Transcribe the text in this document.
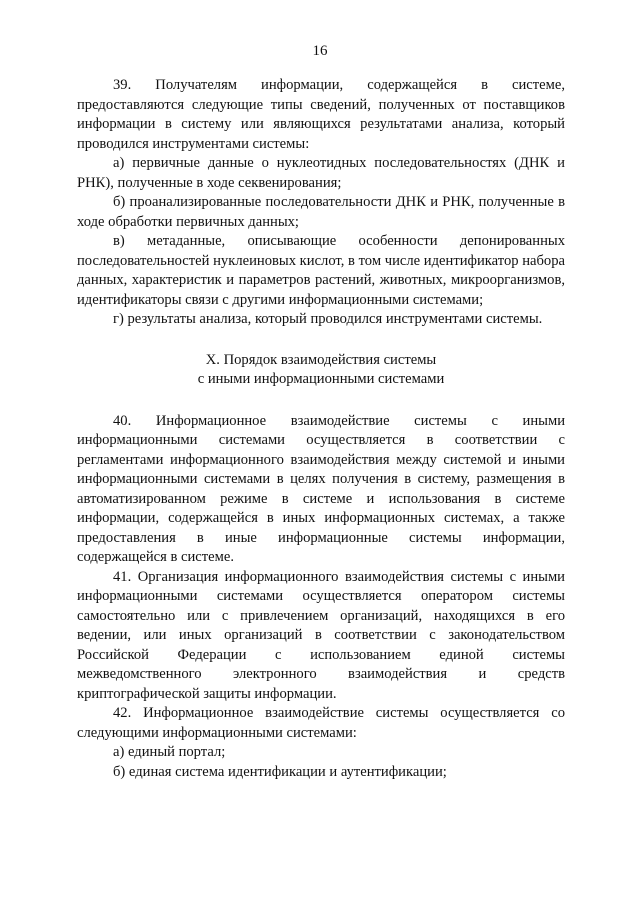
16

39. Получателям информации, содержащейся в системе, предоставляются следующие типы сведений, полученных от поставщиков информации в систему или являющихся результатами анализа, который проводился инструментами системы:

а) первичные данные о нуклеотидных последовательностях (ДНК и РНК), полученные в ходе секвенирования;

б) проанализированные последовательности ДНК и РНК, полученные в ходе обработки первичных данных;

в) метаданные, описывающие особенности депонированных последовательностей нуклеиновых кислот, в том числе идентификатор набора данных, характеристик и параметров растений, животных, микроорганизмов, идентификаторы связи с другими информационными системами;

г) результаты анализа, который проводился инструментами системы.

X. Порядок взаимодействия системы

с иными информационными системами

40. Информационное взаимодействие системы с иными информационными системами осуществляется в соответствии с регламентами информационного взаимодействия между системой и иными информационными системами в целях получения в систему, размещения в автоматизированном режиме в системе и использования в системе информации, содержащейся в иных информационных системах, а также предоставления в иные информационные системы информации, содержащейся в системе.

41. Организация информационного взаимодействия системы с иными информационными системами осуществляется оператором системы самостоятельно или с привлечением организаций, находящихся в его ведении, или иных организаций в соответствии с законодательством Российской Федерации с использованием единой системы межведомственного электронного взаимодействия и средств криптографической защиты информации.

42. Информационное взаимодействие системы осуществляется со следующими информационными системами:

а) единый портал;

б) единая система идентификации и аутентификации;
